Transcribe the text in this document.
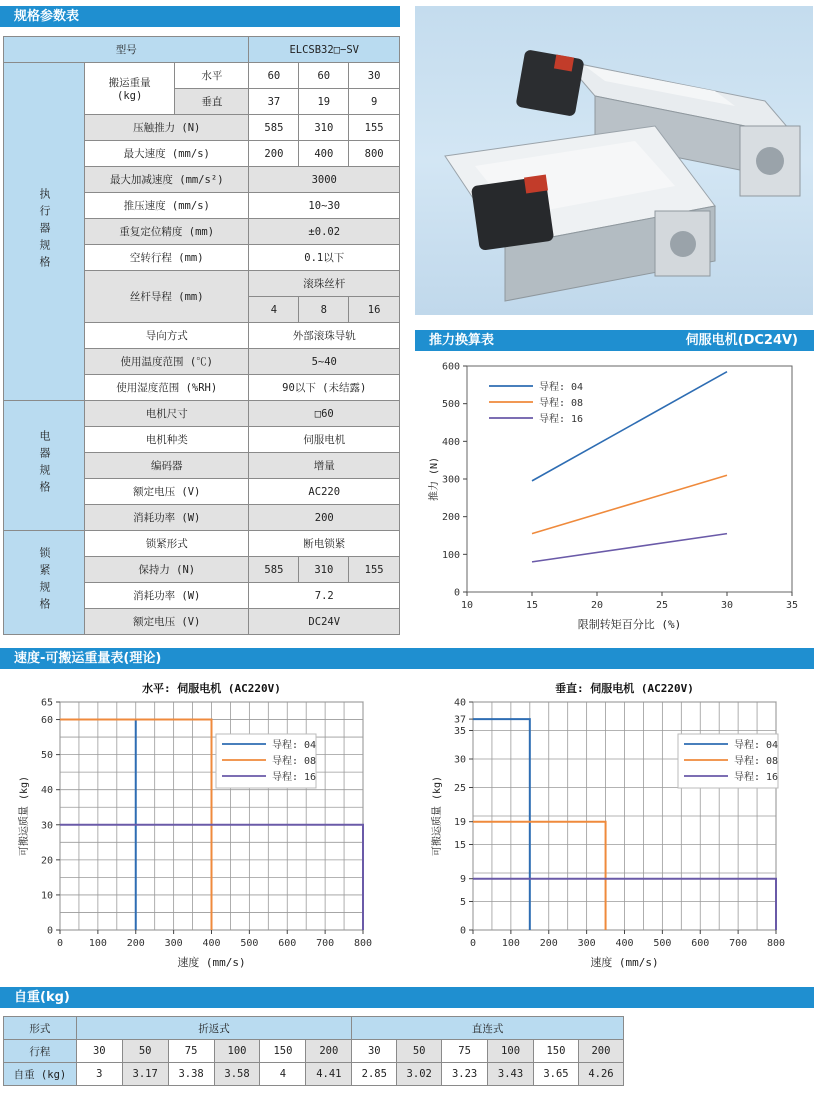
规格参数表
型号			ELCSB32□−SV		
执行器规格	搬运重量(kg)	水平	60	60	30
		垂直	37	19	9
	压触推力 (N)		585	310	155
	最大速度 (mm/s)		200	400	800
	最大加减速度 (mm/s²)		3000		
	推压速度 (mm/s)		10~30		
	重复定位精度 (mm)		±0.02		
	空转行程 (mm)		0.1以下		
	丝杆导程 (mm)		滚珠丝杆		
			4	8	16
	导向方式		外部滚珠导轨		
	使用温度范围 (℃)		5~40		
	使用湿度范围 (%RH)		90以下 (未结露)		
电器规格	电机尺寸		□60		
	电机种类		伺服电机		
	编码器		增量		
	额定电压 (V)		AC220		
	消耗功率 (W)		200		
锁紧规格	锁紧形式		断电锁紧		
	保持力 (N)		585	310	155
	消耗功率 (W)		7.2		
	额定电压 (V)		DC24V		
推力换算表	伺服电机(DC24V)
10	15	20	25	30	35
0
100
200
300
400
500
600
限制转矩百分比 (%)
推力 (N)
导程: 04
导程: 08
导程: 16
速度-可搬运重量表(理论)
0	100 200 300 400 500 600 700 800
0
10
20
30
40
50
60
65
水平: 伺服电机 (AC220V)
速度 (mm/s)
可搬运质量 (kg)
导程: 04
导程: 08
导程: 16
0	100 200 300 400 500 600 700 800
0
5
9
15
19
25
30
35
37
40
垂直: 伺服电机 (AC220V)
速度 (mm/s)
可搬运质量 (kg)
导程: 04
导程: 08
导程: 16
自重(kg)
形式	折返式						直连式					
行程	30	50	75	100	150	200	30	50	75	100	150	200
自重 (kg)	3	3.17	3.38	3.58	4	4.41	2.85	3.02	3.23	3.43	3.65	4.26
